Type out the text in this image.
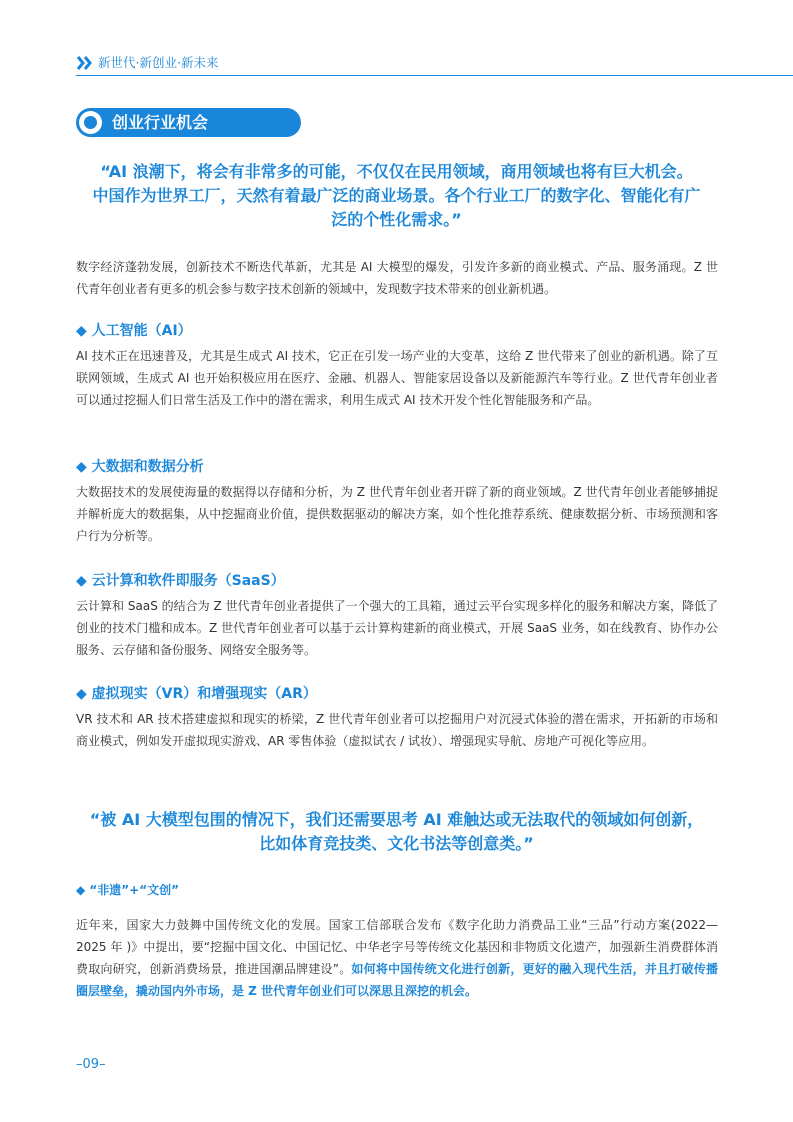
新世代·新创业·新未来
创业行业机会
“AI 浪潮下，将会有非常多的可能，不仅仅在民用领域，商用领域也将有巨大机会。
中国作为世界工厂，天然有着最广泛的商业场景。各个行业工厂的数字化、智能化有广
泛的个性化需求。”

数字经济蓬勃发展，创新技术不断迭代革新，尤其是 AI 大模型的爆发，引发许多新的商业模式、产品、服务涌现。Z 世代青年创业者有更多的机会参与数字技术创新的领域中，发现数字技术带来的创业新机遇。

◆ 人工智能（AI）

AI 技术正在迅速普及，尤其是生成式 AI 技术，它正在引发一场产业的大变革，这给 Z 世代带来了创业的新机遇。除了互联网领域，生成式 AI 也开始积极应用在医疗、金融、机器人、智能家居设备以及新能源汽车等行业。Z 世代青年创业者可以通过挖掘人们日常生活及工作中的潜在需求，利用生成式 AI 技术开发个性化智能服务和产品。

◆ 大数据和数据分析

大数据技术的发展使海量的数据得以存储和分析，为 Z 世代青年创业者开辟了新的商业领域。Z 世代青年创业者能够捕捉并解析庞大的数据集，从中挖掘商业价值，提供数据驱动的解决方案，如个性化推荐系统、健康数据分析、市场预测和客户行为分析等。

◆ 云计算和软件即服务（SaaS）

云计算和 SaaS 的结合为 Z 世代青年创业者提供了一个强大的工具箱，通过云平台实现多样化的服务和解决方案，降低了创业的技术门槛和成本。Z 世代青年创业者可以基于云计算构建新的商业模式，开展 SaaS 业务，如在线教育、协作办公服务、云存储和备份服务、网络安全服务等。

◆ 虚拟现实（VR）和增强现实（AR）

VR 技术和 AR 技术搭建虚拟和现实的桥梁，Z 世代青年创业者可以挖掘用户对沉浸式体验的潜在需求，开拓新的市场和商业模式，例如发开虚拟现实游戏、AR 零售体验（虚拟试衣 / 试妆）、增强现实导航、房地产可视化等应用。

“被 AI 大模型包围的情况下，我们还需要思考 AI 难触达或无法取代的领域如何创新，
比如体育竞技类、文化书法等创意类。”

◆ “非遗”+“文创”

近年来，国家大力鼓舞中国传统文化的发展。国家工信部联合发布《数字化助力消费品工业“三品”行动方案(2022—2025 年 )》中提出，要“挖掘中国文化、中国记忆、中华老字号等传统文化基因和非物质文化遗产，加强新生消费群体消费取向研究，创新消费场景，推进国潮品牌建设”。如何将中国传统文化进行创新，更好的融入现代生活，并且打破传播圈层壁垒，撬动国内外市场，是 Z 世代青年创业们可以深思且深挖的机会。

–09–
